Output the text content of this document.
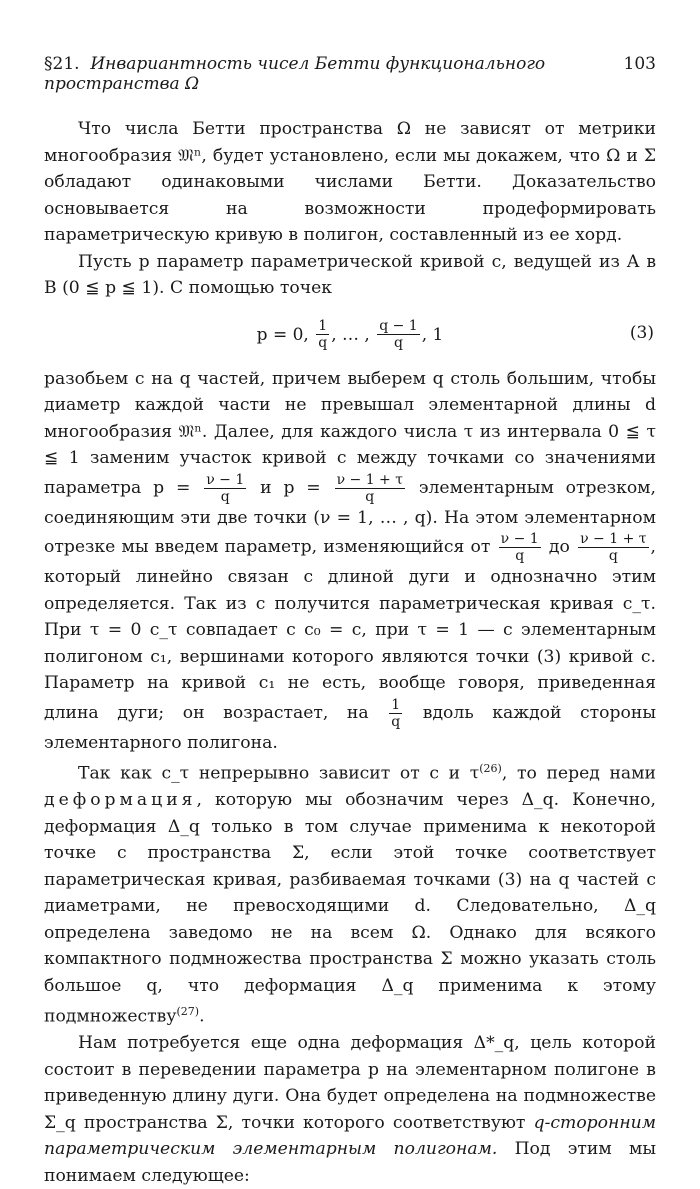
§21. Инвариантность чисел Бетти функционального пространства Ω
103

Что числа Бетти пространства Ω не зависят от метрики многообразия 𝔐ⁿ, будет установлено, если мы докажем, что Ω и Σ обладают одинаковыми числами Бетти. Доказательство основывается на возможности продеформировать параметрическую кривую в полигон, составленный из ее хорд.

Пусть p параметр параметрической кривой c, ведущей из A в B (0 ≦ p ≦ 1). С помощью точек

p = 0,
$\frac{1}{q}$ , … ,
$\frac{q - 1}{q}$ , 1	(3)

разобьем c на q частей, причем выберем q столь большим, чтобы диаметр каждой части не превышал элементарной длины d многообразия 𝔐ⁿ. Далее, для каждого числа τ из интервала 0 ≦ τ ≦ 1 заменим участок кривой c между точками со значениями параметра $p = \frac{\nu - 1}{q}$ и $p = \frac{\nu - 1 + \tau}{q}$ элементарным отрезком, соединяющим эти две точки (ν = 1, … , q). На этом элементарном отрезке мы введем параметр, изменяющийся от $\frac{\nu - 1}{q}$ до $\frac{\nu - 1 + \tau}{q}$ , который линейно связан с длиной дуги и однозначно этим определяется. Так из c получится параметрическая кривая c_τ. При τ = 0 c_τ совпадает с c₀ = c, при τ = 1 — с элементарным полигоном c₁, вершинами которого являются точки (3) кривой c. Параметр на кривой c₁ не есть, вообще говоря, приведенная длина дуги; он возрастает, на $\frac{1}{q}$ вдоль каждой стороны элементарного полигона.

Так как c_τ непрерывно зависит от c и $\tau^{(26)}$, то перед нами деформация, которую мы обозначим через Δ_q. Конечно, деформация Δ_q только в том случае применима к некоторой точке c пространства Σ, если этой точке соответствует параметрическая кривая, разбиваемая точками (3) на q частей с диаметрами, не превосходящими d. Следовательно, Δ_q определена заведомо не на всем Ω. Однако для всякого компактного подмножества пространства Σ можно указать столь большое q, что деформация Δ_q применима к этому подмножеству$^{(27)}$.

Нам потребуется еще одна деформация Δ*_q, цель которой состоит в переведении параметра p на элементарном полигоне в приведенную длину дуги. Она будет определена на подмножестве Σ_q пространства Σ, точки которого соответствуют q-сторонним параметрическим элементарным полигонам. Под этим мы понимаем следующее:
